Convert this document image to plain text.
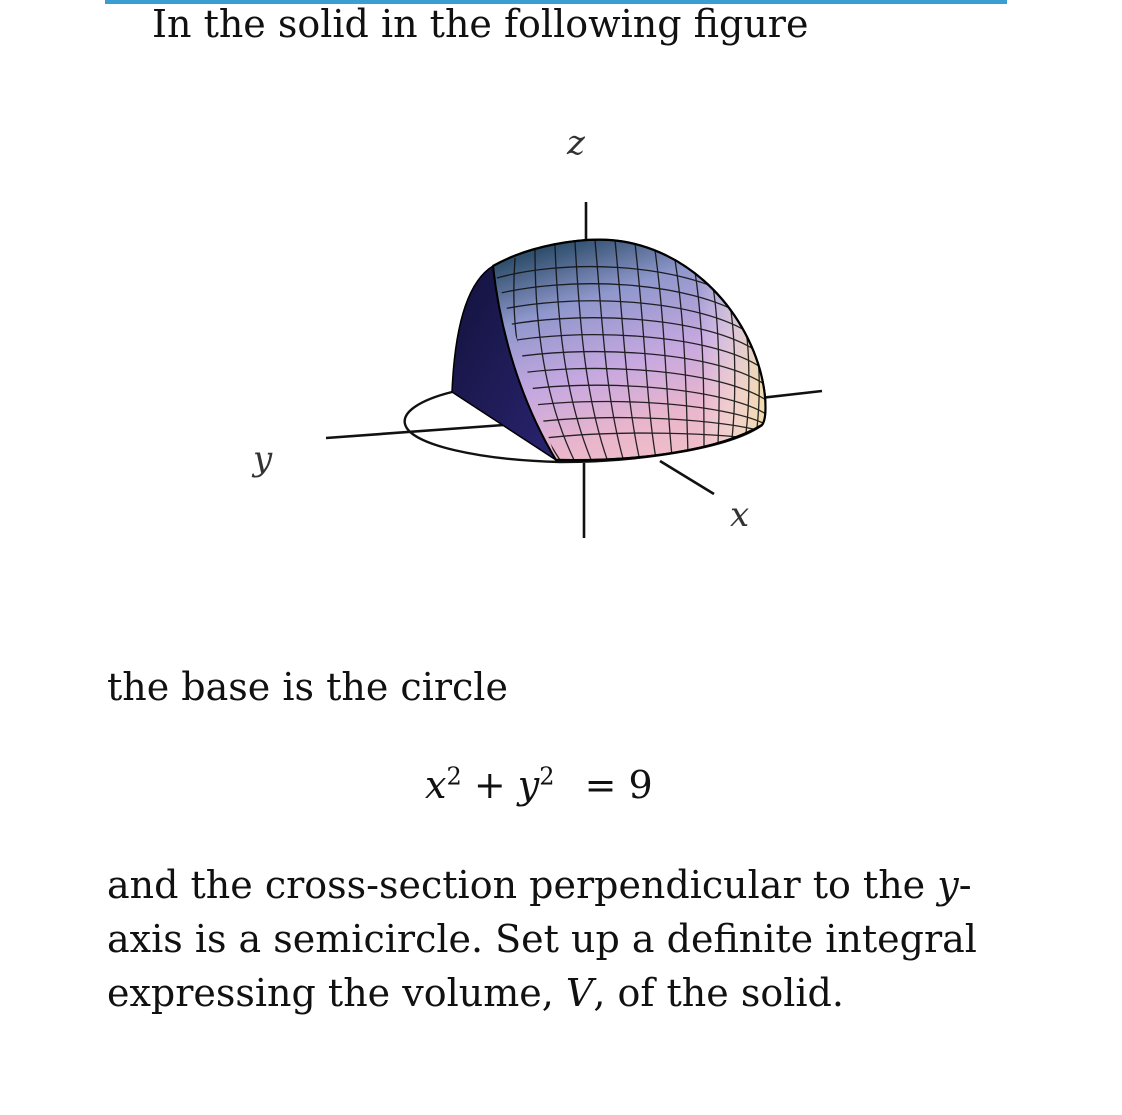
In the solid in the following figure
z
y
x
the base is the circle
$x^2 + y^2 = 9$
and the cross-section perpendicular to the y-axis is a semicircle. Set up a definite integral expressing the volume, V, of the solid.
